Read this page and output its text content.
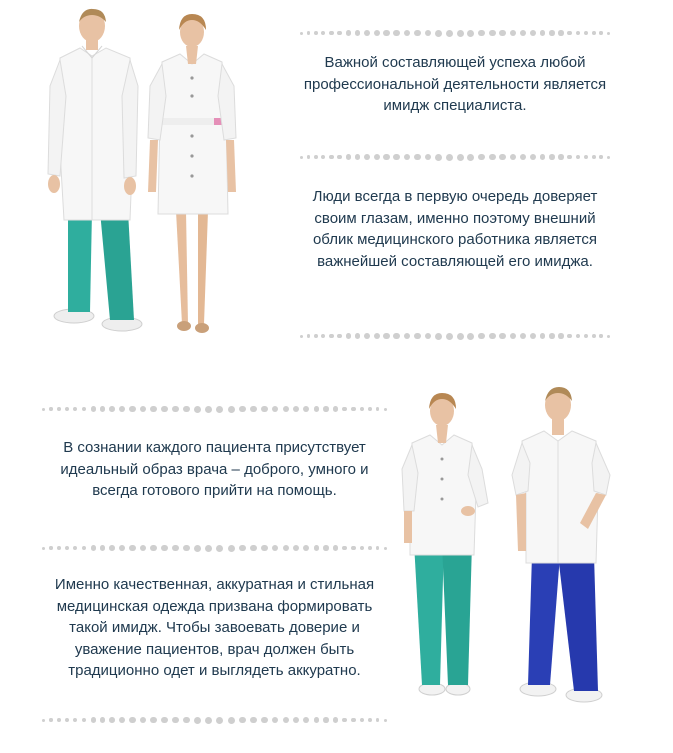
Важной составляющей успеха любой профессиональной деятельности является имидж специалиста.
Люди всегда в первую очередь доверяет своим глазам, именно поэтому внешний облик медицинского работника является важнейшей составляющей его имиджа.
В сознании каждого пациента присутствует идеальный образ врача – доброго, умного и всегда готового прийти на помощь.
Именно качественная, аккуратная и стильная медицинская одежда призвана формировать такой имидж. Чтобы завоевать доверие и уважение пациентов, врач должен быть традиционно одет и выглядеть аккуратно.
